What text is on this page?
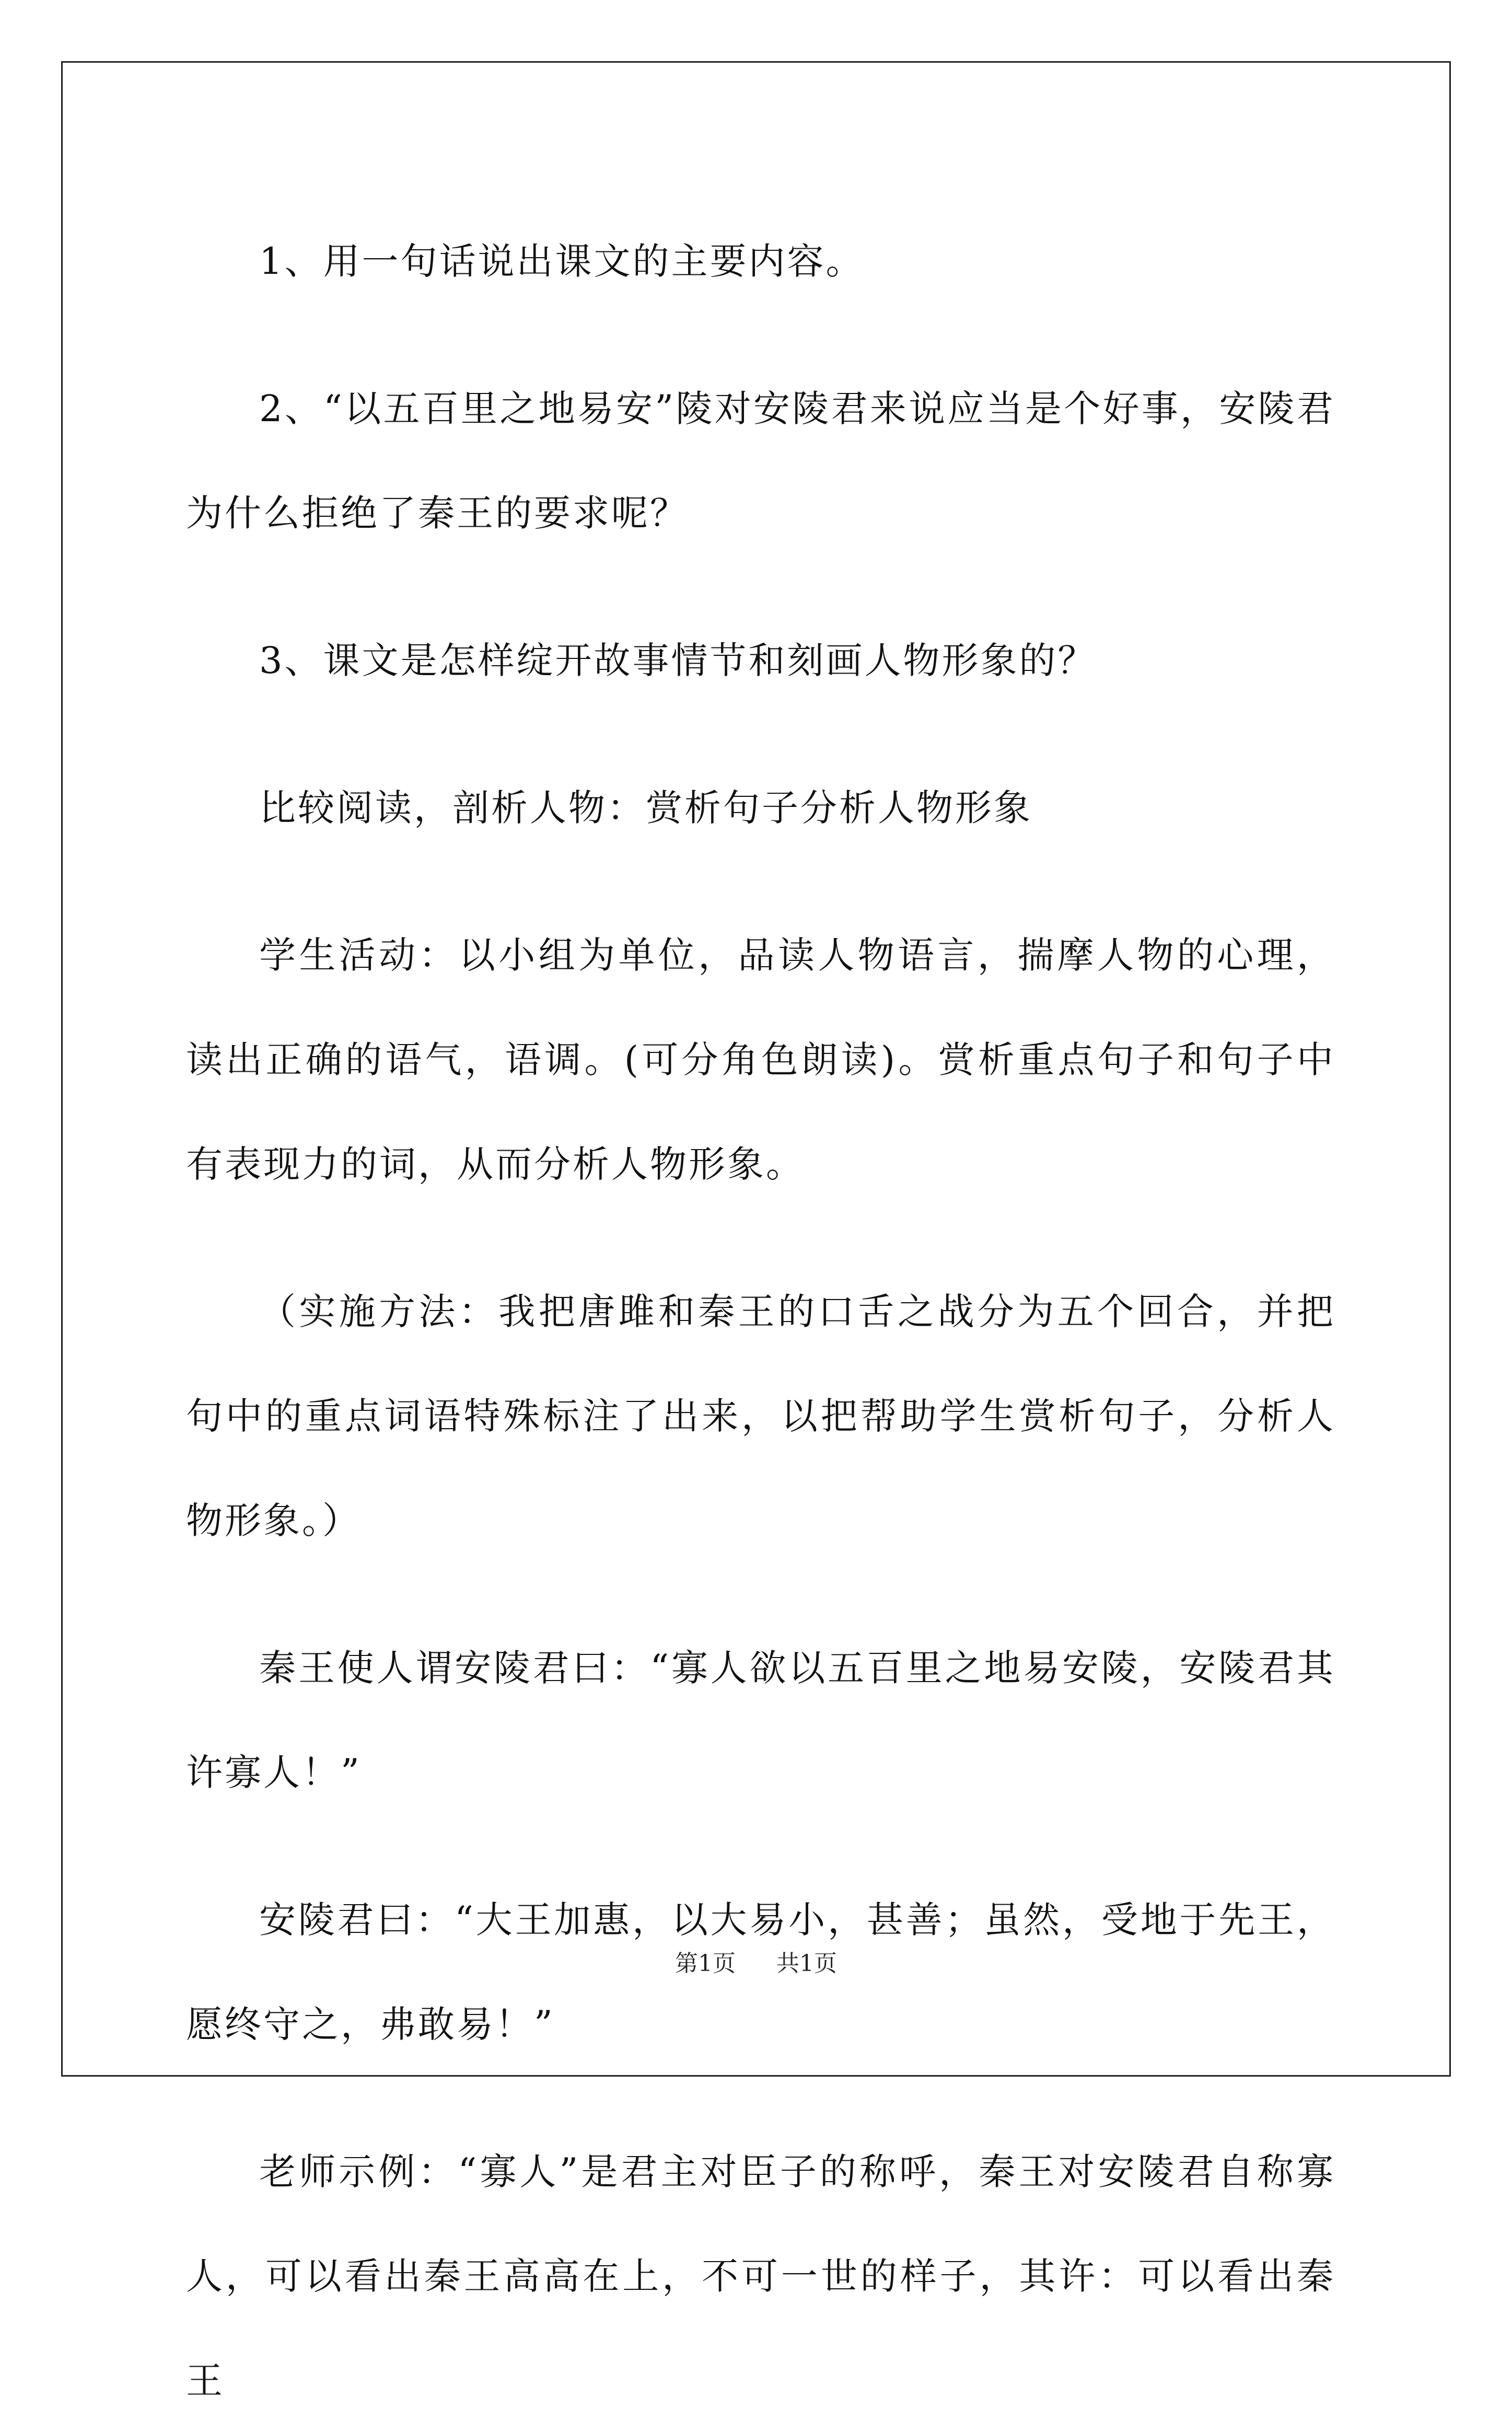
1、用一句话说出课文的主要内容。

2、“以五百里之地易安”陵对安陵君来说应当是个好事，安陵君为什么拒绝了秦王的要求呢？

3、课文是怎样绽开故事情节和刻画人物形象的？

比较阅读，剖析人物：赏析句子分析人物形象

学生活动：以小组为单位，品读人物语言，揣摩人物的心理，读出正确的语气，语调。(可分角色朗读)。赏析重点句子和句子中有表现力的词，从而分析人物形象。

（实施方法：我把唐雎和秦王的口舌之战分为五个回合，并把句中的重点词语特殊标注了出来，以把帮助学生赏析句子，分析人物形象。）

秦王使人谓安陵君曰：“寡人欲以五百里之地易安陵，安陵君其许寡人！”

安陵君曰：“大王加惠，以大易小，甚善；虽然，受地于先王，愿终守之，弗敢易！”

老师示例：“寡人”是君主对臣子的称呼，秦王对安陵君自称寡人，可以看出秦王高高在上，不可一世的样子，其许：可以看出秦王

第1页 共1页
